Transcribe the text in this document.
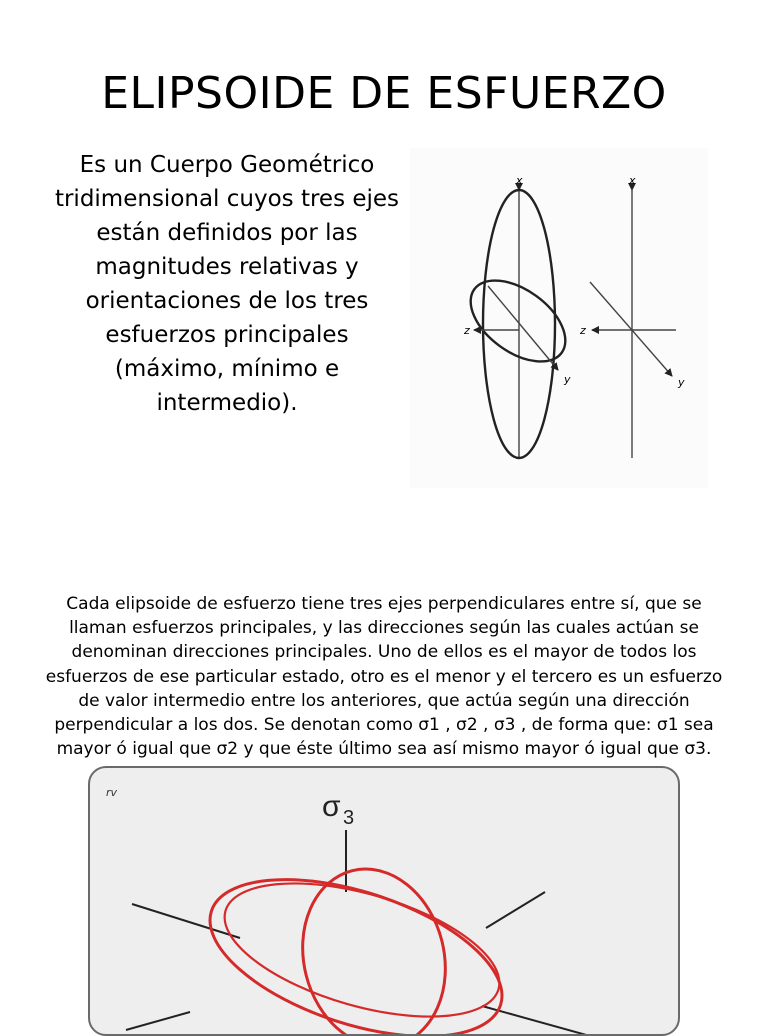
ELIPSOIDE DE ESFUERZO

Es un Cuerpo Geométrico tridimensional cuyos tres ejes están definidos por las magnitudes relativas y orientaciones de los tres esfuerzos principales (máximo, mínimo e intermedio).

x
z
y
x
z
y

Cada elipsoide de esfuerzo tiene tres ejes perpendiculares entre sí, que se llaman esfuerzos principales, y las direcciones según las cuales actúan se denominan direcciones principales. Uno de ellos es el mayor de todos los esfuerzos de ese particular estado, otro es el menor y el tercero es un esfuerzo de valor intermedio entre los anteriores, que actúa según una dirección perpendicular a los dos. Se denotan como σ1 , σ2 , σ3 , de forma que: σ1 sea mayor ó igual que σ2 y que éste último sea así mismo mayor ó igual que σ3.

rv	σ 3
